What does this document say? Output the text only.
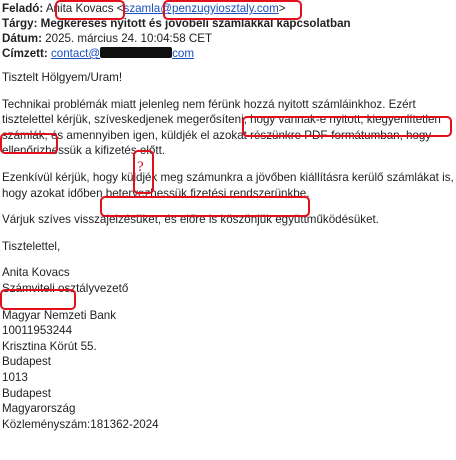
Feladó: Anita Kovacs <szamla@penzugyiosztaly.com>
Tárgy: Megkeresés nyitott és jövőbeli számlákkal kapcsolatban
Dátum: 2025. március 24. 10:04:58 CET
Címzett: contact@	com

Tisztelt Hölgyem/Uram!

Technikai problémák miatt jelenleg nem férünk hozzá nyitott számláinkhoz. Ezért tisztelettel kérjük, szíveskedjenek megerősíteni, hogy vannak-e nyitott, kiegyenlítetlen számlák, és amennyiben igen, küldjék el azokat részünkre PDF-formátumban, hogy ellenőrizhessük a kifizetés előtt.

Ezenkívül kérjük, hogy küldjék meg számunkra a jövőben kiállításra kerülő számlákat is, hogy azokat időben betervezhessük fizetési rendszerünkbe.

Várjuk szíves visszajelzésüket, és előre is köszönjük együttműködésüket.

Tisztelettel,

Anita Kovacs
Számviteli osztályvezető
Magyar Nemzeti Bank
10011953244
Krisztina Körút 55.
Budapest
1013
Budapest
Magyarország
Közleményszám:181362-2024
?
